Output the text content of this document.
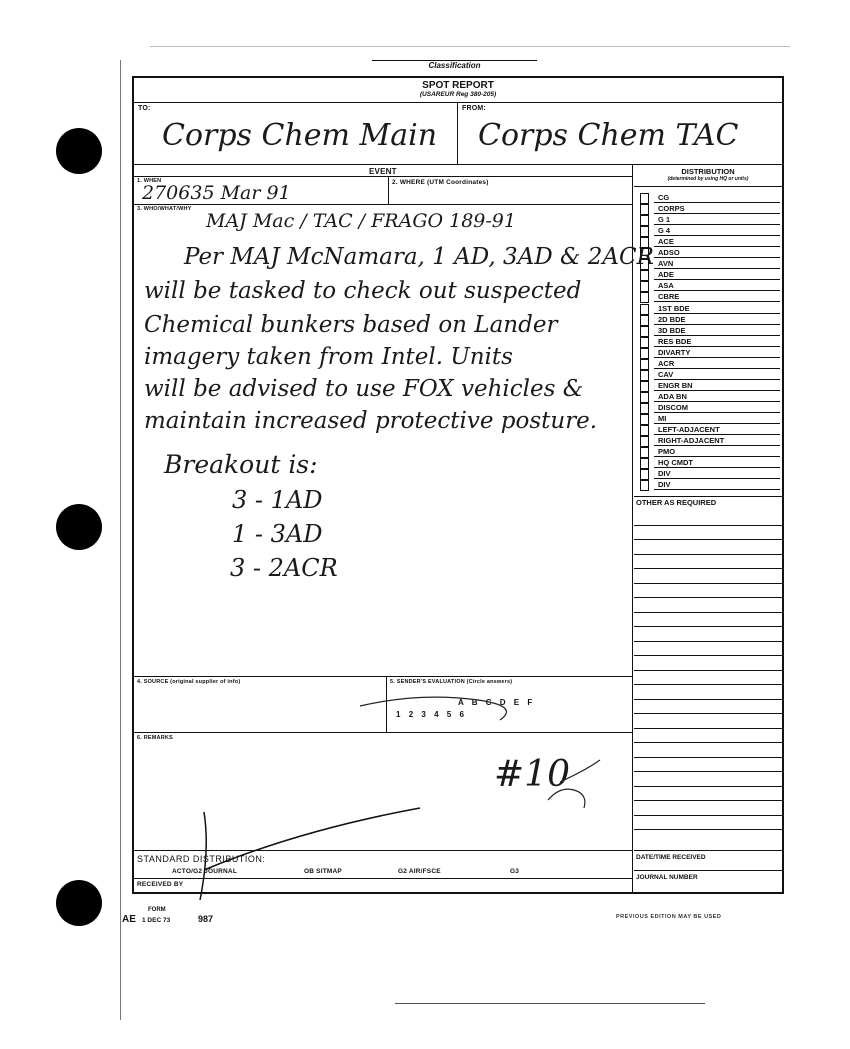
Classification
SPOT REPORT
(USAREUR Reg 380-205)
TO:
Corps Chem Main
FROM:
Corps Chem TAC
EVENT
1. WHEN
270635 Mar 91	2. WHERE (UTM Coordinates)
3. WHO/WHAT/WHY
MAJ Mac / TAC / FRAGO 189-91
Per MAJ McNamara, 1 AD, 3AD & 2ACR
will be tasked to check out suspected
Chemical bunkers based on Lander
imagery taken from Intel. Units
will be advised to use FOX vehicles &
maintain increased protective posture.
Breakout is:
3 - 1AD
1 - 3AD
3 - 2ACR
4. SOURCE (original supplier of info)	5. SENDER'S EVALUATION (Circle answers)
A B C D E F
1 2 3 4 5 6
6. REMARKS
#10
STANDARD DISTRIBUTION:
ACTO/G2 JOURNAL	OB SITMAP	G2 AIR/FSCE	G3
RECEIVED BY
DISTRIBUTION
(determined by using HQ or units)
CG
CORPS
G 1
G 4
ACE
ADSO
AVN
ADE
ASA
CBRE
1ST BDE
2D BDE
3D BDE
RES BDE
DIVARTY
ACR
CAV
ENGR BN
ADA BN
DISCOM
MI
LEFT-ADJACENT
RIGHT-ADJACENT
PMO
HQ CMDT
DIV
DIV
OTHER AS REQUIRED
DATE/TIME RECEIVED
JOURNAL NUMBER
AE
FORM
1 DEC 73	987	PREVIOUS EDITION MAY BE USED
